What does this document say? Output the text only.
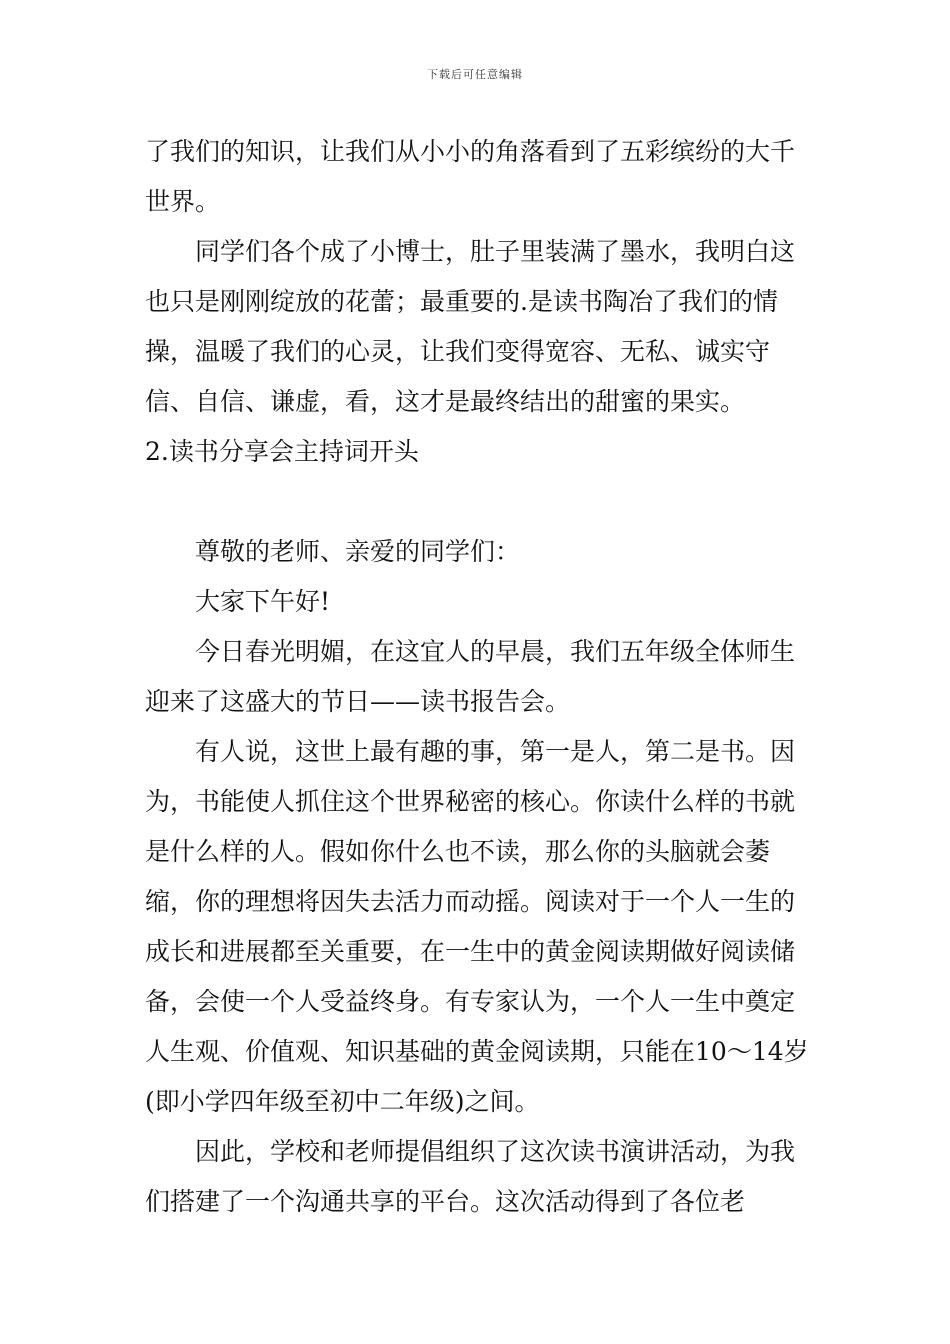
下载后可任意编辑

了我们的知识，让我们从小小的角落看到了五彩缤纷的大千世界。

同学们各个成了小博士，肚子里装满了墨水，我明白这也只是刚刚绽放的花蕾；最重要的.是读书陶冶了我们的情操，温暖了我们的心灵，让我们变得宽容、无私、诚实守信、自信、谦虚，看，这才是最终结出的甜蜜的果实。

2.读书分享会主持词开头

尊敬的老师、亲爱的同学们：

大家下午好!

今日春光明媚，在这宜人的早晨，我们五年级全体师生迎来了这盛大的节日——读书报告会。

有人说，这世上最有趣的事，第一是人，第二是书。因为，书能使人抓住这个世界秘密的核心。你读什么样的书就是什么样的人。假如你什么也不读，那么你的头脑就会萎缩，你的理想将因失去活力而动摇。阅读对于一个人一生的成长和进展都至关重要，在一生中的黄金阅读期做好阅读储备，会使一个人受益终身。有专家认为，一个人一生中奠定人生观、价值观、知识基础的黄金阅读期，只能在10～14岁(即小学四年级至初中二年级)之间。

因此，学校和老师提倡组织了这次读书演讲活动，为我们搭建了一个沟通共享的平台。这次活动得到了各位老
